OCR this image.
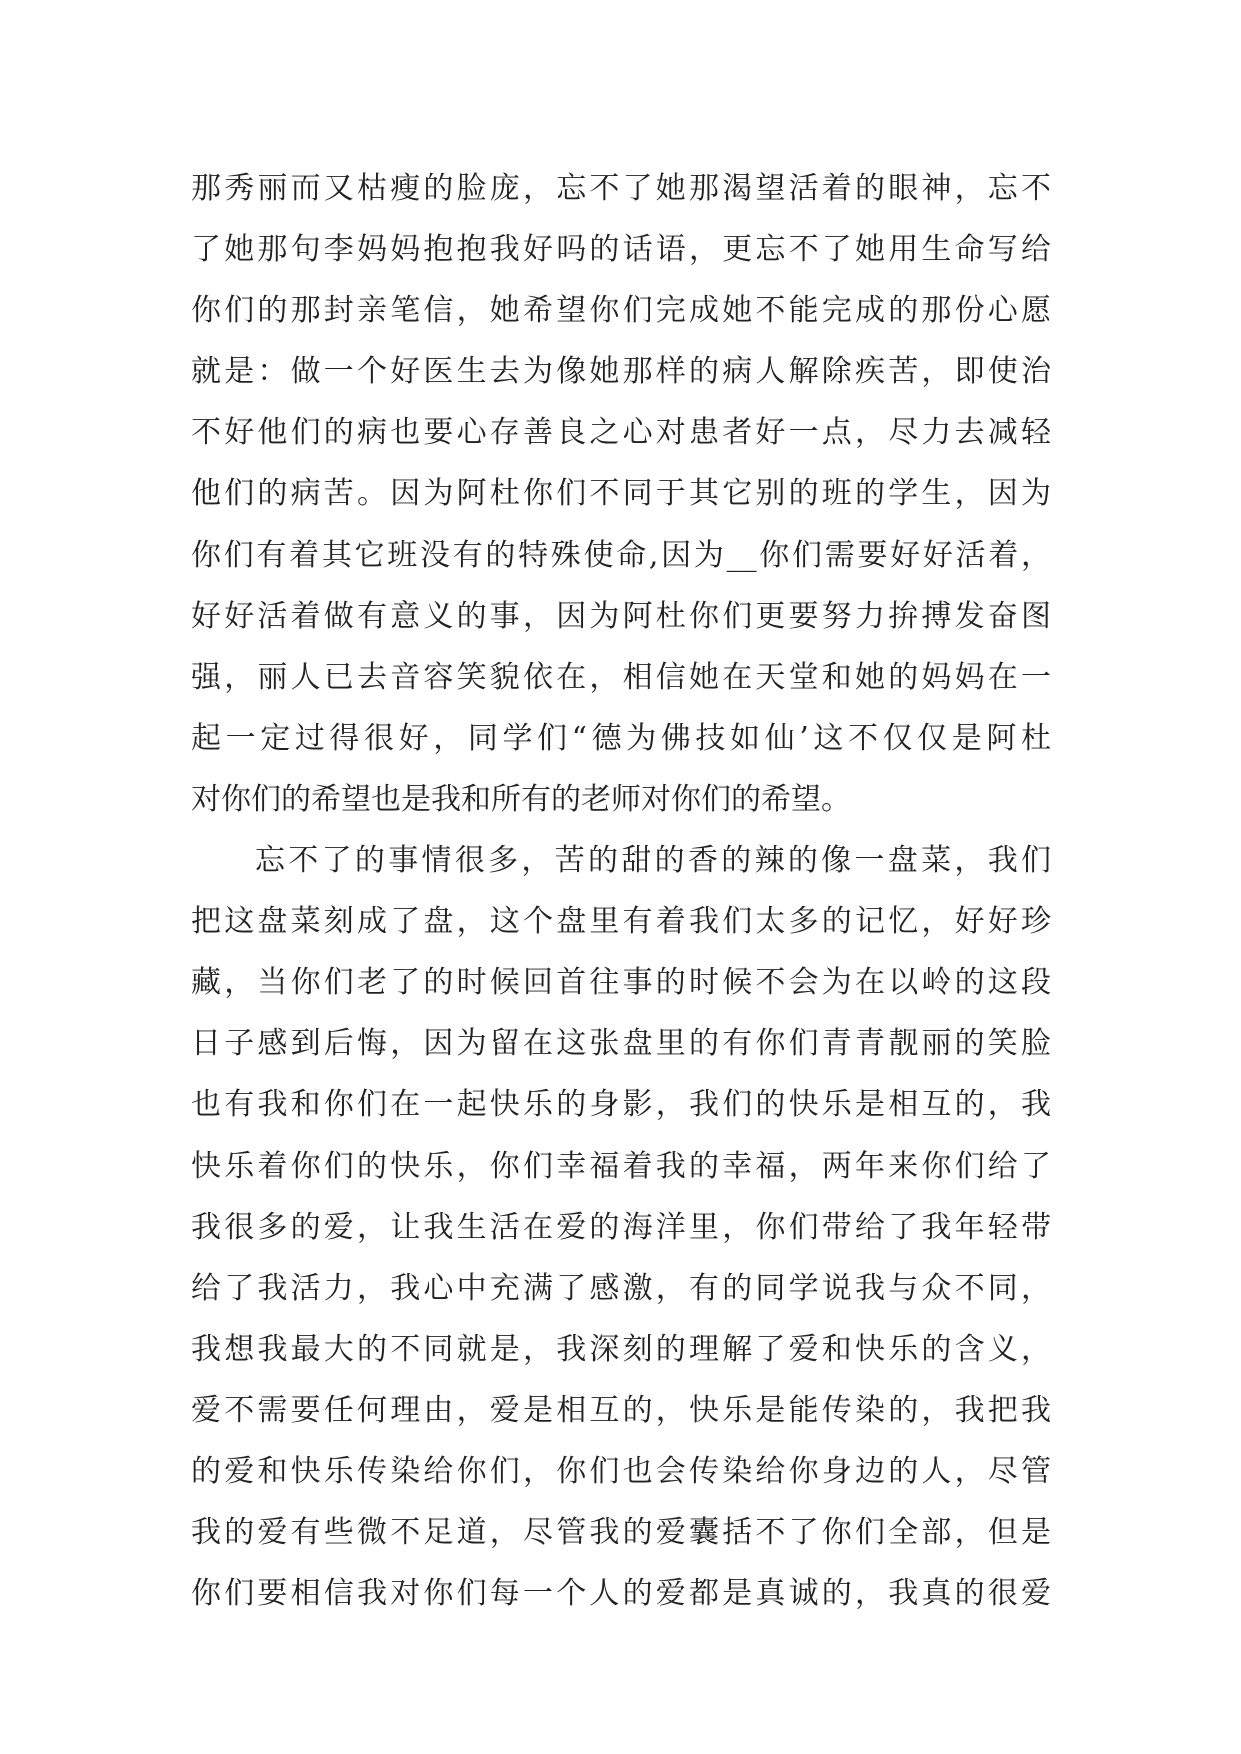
那秀丽而又枯瘦的脸庞，忘不了她那渴望活着的眼神，忘不
了她那句李妈妈抱抱我好吗的话语，更忘不了她用生命写给
你们的那封亲笔信，她希望你们完成她不能完成的那份心愿
就是：做一个好医生去为像她那样的病人解除疾苦，即使治
不好他们的病也要心存善良之心对患者好一点，尽力去减轻
他们的病苦。因为阿杜你们不同于其它别的班的学生，因为
你们有着其它班没有的特殊使命,因为__你们需要好好活着，
好好活着做有意义的事，因为阿杜你们更要努力拚搏发奋图
强，丽人已去音容笑貌依在，相信她在天堂和她的妈妈在一
起一定过得很好，同学们“德为佛技如仙’这不仅仅是阿杜
对你们的希望也是我和所有的老师对你们的希望。
忘不了的事情很多，苦的甜的香的辣的像一盘菜，我们
把这盘菜刻成了盘，这个盘里有着我们太多的记忆，好好珍
藏，当你们老了的时候回首往事的时候不会为在以岭的这段
日子感到后悔，因为留在这张盘里的有你们青青靓丽的笑脸
也有我和你们在一起快乐的身影，我们的快乐是相互的，我
快乐着你们的快乐，你们幸福着我的幸福，两年来你们给了
我很多的爱，让我生活在爱的海洋里，你们带给了我年轻带
给了我活力，我心中充满了感激，有的同学说我与众不同，
我想我最大的不同就是，我深刻的理解了爱和快乐的含义，
爱不需要任何理由，爱是相互的，快乐是能传染的，我把我
的爱和快乐传染给你们，你们也会传染给你身边的人，尽管
我的爱有些微不足道，尽管我的爱囊括不了你们全部，但是
你们要相信我对你们每一个人的爱都是真诚的，我真的很爱
